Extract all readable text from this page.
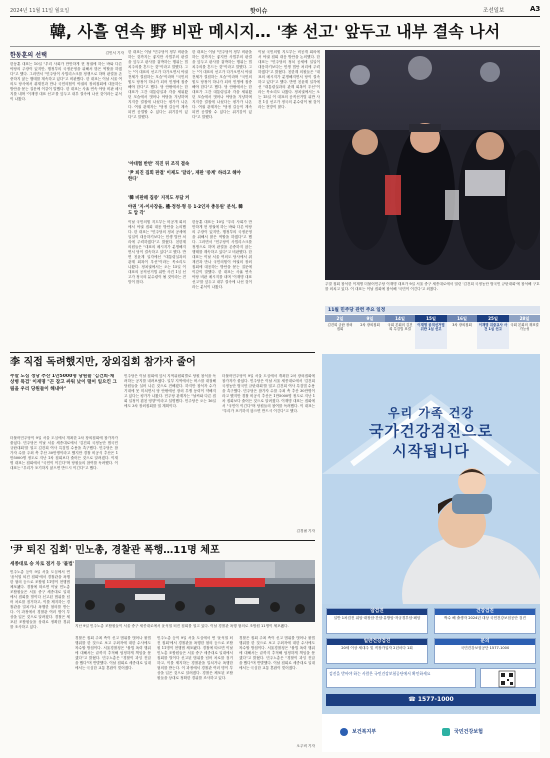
2024년 11월 11일 월요일	핫이슈	조선일보	A3
韓, 사흘 연속 野 비판 메시지… '李 선고' 앞두고 내부 결속 나서
한동훈의 선택	김민서 기자
한동훈 대표는 10일 "우리 사회가 만만하게 현 정권에 하는 바와 다른 야당의 주장이 있지만, 행정부의 국정운영을 위해서 많은 역할을 하겠다"고 했다. 그러면서 "민주당이 사법리스크를 정쟁으로 하며 판결을 존중하지 않는 행태를 계속하고 있다"고 비판했다. 한 대표는 이날 서울 여의도 당사에서 취재진과 만나 국민의힘이 야권의 장외집회에 대응하는 방안을 묻는 질문에 이같이 말했다. 한 대표는 사흘 연속 야당 비판 메시지를 내며 '이재명 대표 선고'를 앞두고 내부 결속에 나선 것이라는 분석이 나왔다.
한 대표는 이날 "민주당이 정부 비판을 하는 것까지는 좋지만 사법부의 판결을 앞두고 판사를 겁박하는 행위는 법치주의를 흔드는 것"이라고 말했다. 그는 "이 대표의 선고가 다가오면서 야권 전체가 결집하는 모습"이라며 "국민의힘도 당정이 하나가 되어 민생에 집중해야 한다"고 했다. 당 안팎에서는 한 대표가 그간 대통령실과 각을 세워왔던 모습에서 벗어나 야당을 겨냥하며 지지층 결집에 나섰다는 평가가 나온다. 여권 관계자는 "당정 갈등이 계속되면 공멸할 수 있다는 위기감이 있다"고 말했다.
'야대협 반반' 직진 뒤 조직 결속
'尹 퇴진 집회 판결' 이제도 '달라', 재판 '중계' 하라고 해야 한다'
'韓 비판해 집중' 지적도 부담 커
야권 '지-이사장을, 禮·정청·형 등 1·2인자 총동원' 분석, 韓도 압 각'
이날 국민의힘 지도부는 비공개 회의에서 야권 집회 대응 방안을 논의했다. 한 대표는 "민주당의 정치 공세에 일일이 대응하기보다는 민생 법안 처리에 주력하겠다"고 밝혔다. 친한계 의원들은 "대표의 메시지가 분명해지면서 당이 결속하고 있다"고 했다. 반면 친윤계 일각에선 "대통령실과의 관계 회복이 우선"이라는 목소리도 나왔다. 정치권에서는 오는 15일 이 대표의 공직선거법 위반 사건 1심 선고가 정국의 분수령이 될 것이라는 전망이 많다.
한 대표는 이날 "민주당이 정부 비판을 하는 것까지는 좋지만 사법부의 판결을 앞두고 판사를 겁박하는 행위는 법치주의를 흔드는 것"이라고 말했다. 그는 "이 대표의 선고가 다가오면서 야권 전체가 결집하는 모습"이라며 "국민의힘도 당정이 하나가 되어 민생에 집중해야 한다"고 했다. 당 안팎에서는 한 대표가 그간 대통령실과 각을 세워왔던 모습에서 벗어나 야당을 겨냥하며 지지층 결집에 나섰다는 평가가 나온다. 여권 관계자는 "당정 갈등이 계속되면 공멸할 수 있다는 위기감이 있다"고 말했다.
한동훈 대표는 10일 "우리 사회가 만만하게 현 정권에 하는 바와 다른 야당의 주장이 있지만, 행정부의 국정운영을 위해서 많은 역할을 하겠다"고 했다. 그러면서 "민주당이 사법리스크를 정쟁으로 하며 판결을 존중하지 않는 행태를 계속하고 있다"고 비판했다. 한 대표는 이날 서울 여의도 당사에서 취재진과 만나 국민의힘이 야권의 장외집회에 대응하는 방안을 묻는 질문에 이같이 말했다. 한 대표는 사흘 연속 야당 비판 메시지를 내며 '이재명 대표 선고'를 앞두고 내부 결속에 나선 것이라는 분석이 나왔다.
이날 국민의힘 지도부는 비공개 회의에서 야권 집회 대응 방안을 논의했다. 한 대표는 "민주당의 정치 공세에 일일이 대응하기보다는 민생 법안 처리에 주력하겠다"고 밝혔다. 친한계 의원들은 "대표의 메시지가 분명해지면서 당이 결속하고 있다"고 했다. 반면 친윤계 일각에선 "대통령실과의 관계 회복이 우선"이라는 목소리도 나왔다. 정치권에서는 오는 15일 이 대표의 공직선거법 위반 사건 1심 선고가 정국의 분수령이 될 것이라는 전망이 많다.
주말 집회 참석한 이재명 더불어민주당 이재명 대표가 9일 서울 중구 세종대로에서 열린 '김건희 국정농단 범국민 규탄대회'에 참석해 구호를 외치고 있다. 이 대표는 이날 집회에 참석해 '국민이 이긴다'고 외쳤다.
11월 민주당 관련 주요 일정
2일
김건희 규탄 장외집회
9일
2차 장외집회
14일
국회 본회의 김건희 특검법 표결
15일
이재명 공직선거법 위반 1심 선고
16일
3차 장외집회
25일
이재명 위증교사 사건 1심 선고
28일
국회 본회의 재표결 가능성
李 직접 독려했지만, 장외집회 참가자 줄어
주말 도심 정당 추산 1만5000명 당원들 '김건희·채 상병 특검' 이재명 "끈 잡고 싸워 낮이 떨어 일으킨 그림을 우리 당원들이 해내야"
더불어민주당이 9일 서울 도심에서 개최한 2차 장외집회에 참가자가 줄었다. 민주당은 이날 서울 세종대로에서 '김건희 국정농단 범국민 규탄대회'를 열고 김건희 여사 특검법 수용을 촉구했다. 민주당은 참가자 수를 주최 측 추산 30만명이라고 했지만 경찰 비공식 추산은 1만5000명 정도로 지난 1차 집회보다 줄어든 것으로 알려졌다. 이재명 대표는 집회에서 "국민이 이긴다"며 당원들의 참여를 독려했다. 이 대표는 "우리가 포기하지 않으면 반드시 이긴다"고 했다.
민주당은 이날 집회에 앞서 지역위원회별로 당원 참석을 독려하는 공지를 내려보냈다. 일부 지역에서는 버스를 대절해 당원들을 실어 나른 것으로 전해졌다. 하지만 참석자 수가 기대에 못 미치면서 당 안팎에선 장외 투쟁 동력이 약해지고 있다는 평가가 나왔다. 민주당 관계자는 "날씨와 다른 집회 일정이 겹친 영향"이라고 설명했다. 민주당은 오는 16일에도 3차 장외집회를 열 계획이다.
더불어민주당이 9일 서울 도심에서 개최한 2차 장외집회에 참가자가 줄었다. 민주당은 이날 서울 세종대로에서 '김건희 국정농단 범국민 규탄대회'를 열고 김건희 여사 특검법 수용을 촉구했다. 민주당은 참가자 수를 주최 측 추산 30만명이라고 했지만 경찰 비공식 추산은 1만5000명 정도로 지난 1차 집회보다 줄어든 것으로 알려졌다. 이재명 대표는 집회에서 "국민이 이긴다"며 당원들의 참여를 독려했다. 이 대표는 "우리가 포기하지 않으면 반드시 이긴다"고 했다.
김경필 기자
'尹 퇴진 집회' 민노총, 경찰관 폭행…11명 체포
세종대로 숭 차로 점거 등 '불법'
민주노총 등이 9일 서울 도심에서 연 '윤석열 퇴진 집회'에서 경찰관을 폭행한 혐의 등으로 조합원 11명이 현행범 체포됐다. 경찰에 따르면 이날 민노총 조합원들은 서울 중구 세종대로 일대에서 집회를 벌이다 신고된 범위를 넘어 차로를 점거하고, 이를 제지하는 경찰관을 밀치거나 폭행한 혐의를 받는다. 이 과정에서 경찰관 여러 명이 부상을 입은 것으로 알려졌다. 경찰은 체포된 조합원들을 상대로 정확한 경위를 조사하고 있다.	지난 9일 민주노총 조합원들이 서울 중구 세종대로에서 윤석열 퇴진 집회를 열고 있다. 이날 경찰관 폭행 혐의로 조합원 11명이 체포됐다.
경찰은 집회 주최 측이 신고 범위를 벗어나 불법 행위를 한 것으로 보고 주최자에 대한 수사에도 착수할 방침이다. 서울경찰청은 "불법 폭력 행위에 대해서는 끝까지 추적해 엄정하게 책임을 묻겠다"고 밝혔다. 민주노총은 "경찰이 과잉 진압을 했다"며 반발했다. 이날 집회로 세종대로 일대에서는 극심한 교통 혼잡이 빚어졌다.
민주노총 등이 9일 서울 도심에서 연 '윤석열 퇴진 집회'에서 경찰관을 폭행한 혐의 등으로 조합원 11명이 현행범 체포됐다. 경찰에 따르면 이날 민노총 조합원들은 서울 중구 세종대로 일대에서 집회를 벌이다 신고된 범위를 넘어 차로를 점거하고, 이를 제지하는 경찰관을 밀치거나 폭행한 혐의를 받는다. 이 과정에서 경찰관 여러 명이 부상을 입은 것으로 알려졌다. 경찰은 체포된 조합원들을 상대로 정확한 경위를 조사하고 있다.
경찰은 집회 주최 측이 신고 범위를 벗어나 불법 행위를 한 것으로 보고 주최자에 대한 수사에도 착수할 방침이다. 서울경찰청은 "불법 폭력 행위에 대해서는 끝까지 추적해 엄정하게 책임을 묻겠다"고 밝혔다. 민주노총은 "경찰이 과잉 진압을 했다"며 반발했다. 이날 집회로 세종대로 일대에서는 극심한 교통 혼잡이 빚어졌다.
오주비 기자
우리 가족 건강
국가건강검진으로
시작됩니다
암검진
일반 1차검진 위암·대장암·간암·유방암·자궁경부암·폐암
건강검진
짝수 해 출생자 2024년 대상 국민건강보험공단 검진
일반건강검진
20세 이상 세대주 및 직장가입자 2년마다 1회
문의
국민건강보험공단 1577-1000
검진을 받아야 하는 사람은 국민건강보험공단에서 확인하세요
☎ 1577-1000
보건복지부	국민건강보험
